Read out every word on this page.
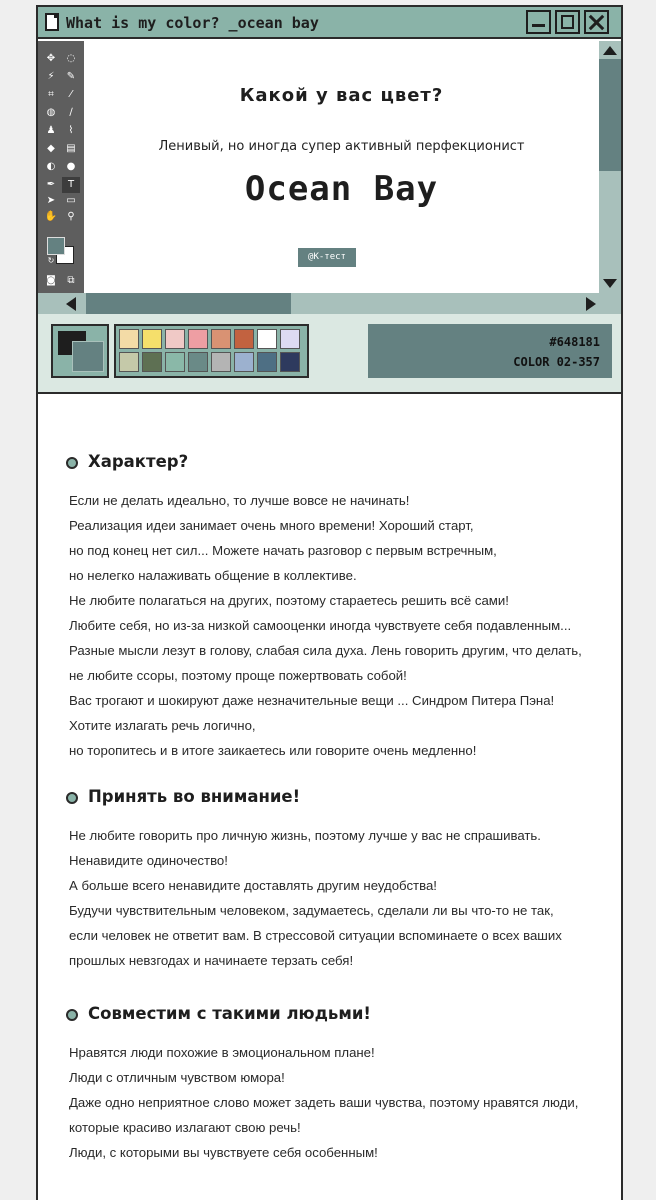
What is my color? _ocean bay
✥	◌
⚡	✎
⌗	⁄
◍	∕
♟	⌇
◆	▤
◐	●
✒	T
➤	▭
✋	⚲
↻
◙	⧉
Какой у вас цвет?
Ленивый, но иногда супер активный перфекционист
Ocean Bay
@К-тест
#648181
COLOR 02-357
Характер?
Если не делать идеально, то лучше вовсе не начинать!
Реализация идеи занимает очень много времени! Хороший старт,
но под конец нет сил... Можете начать разговор с первым встречным,
но нелегко налаживать общение в коллективе.
Не любите полагаться на других, поэтому стараетесь решить всё сами!
Любите себя, но из-за низкой самооценки иногда чувствуете себя подавленным...
Разные мысли лезут в голову, слабая сила духа. Лень говорить другим, что делать,
не любите ссоры, поэтому проще пожертвовать собой!
Вас трогают и шокируют даже незначительные вещи ... Синдром Питера Пэна!
Хотите излагать речь логично,
но торопитесь и в итоге заикаетесь или говорите очень медленно!
Принять во внимание!
Не любите говорить про личную жизнь, поэтому лучше у вас не спрашивать.
Ненавидите одиночество!
А больше всего ненавидите доставлять другим неудобства!
Будучи чувствительным человеком, задумаетесь, сделали ли вы что-то не так,
если человек не ответит вам. В стрессовой ситуации вспоминаете о всех ваших
прошлых невзгодах и начинаете терзать себя!
Совместим с такими людьми!
Нравятся люди похожие в эмоциональном плане!
Люди с отличным чувством юмора!
Даже одно неприятное слово может задеть ваши чувства, поэтому нравятся люди,
которые красиво излагают свою речь!
Люди, с которыми вы чувствуете себя особенным!
